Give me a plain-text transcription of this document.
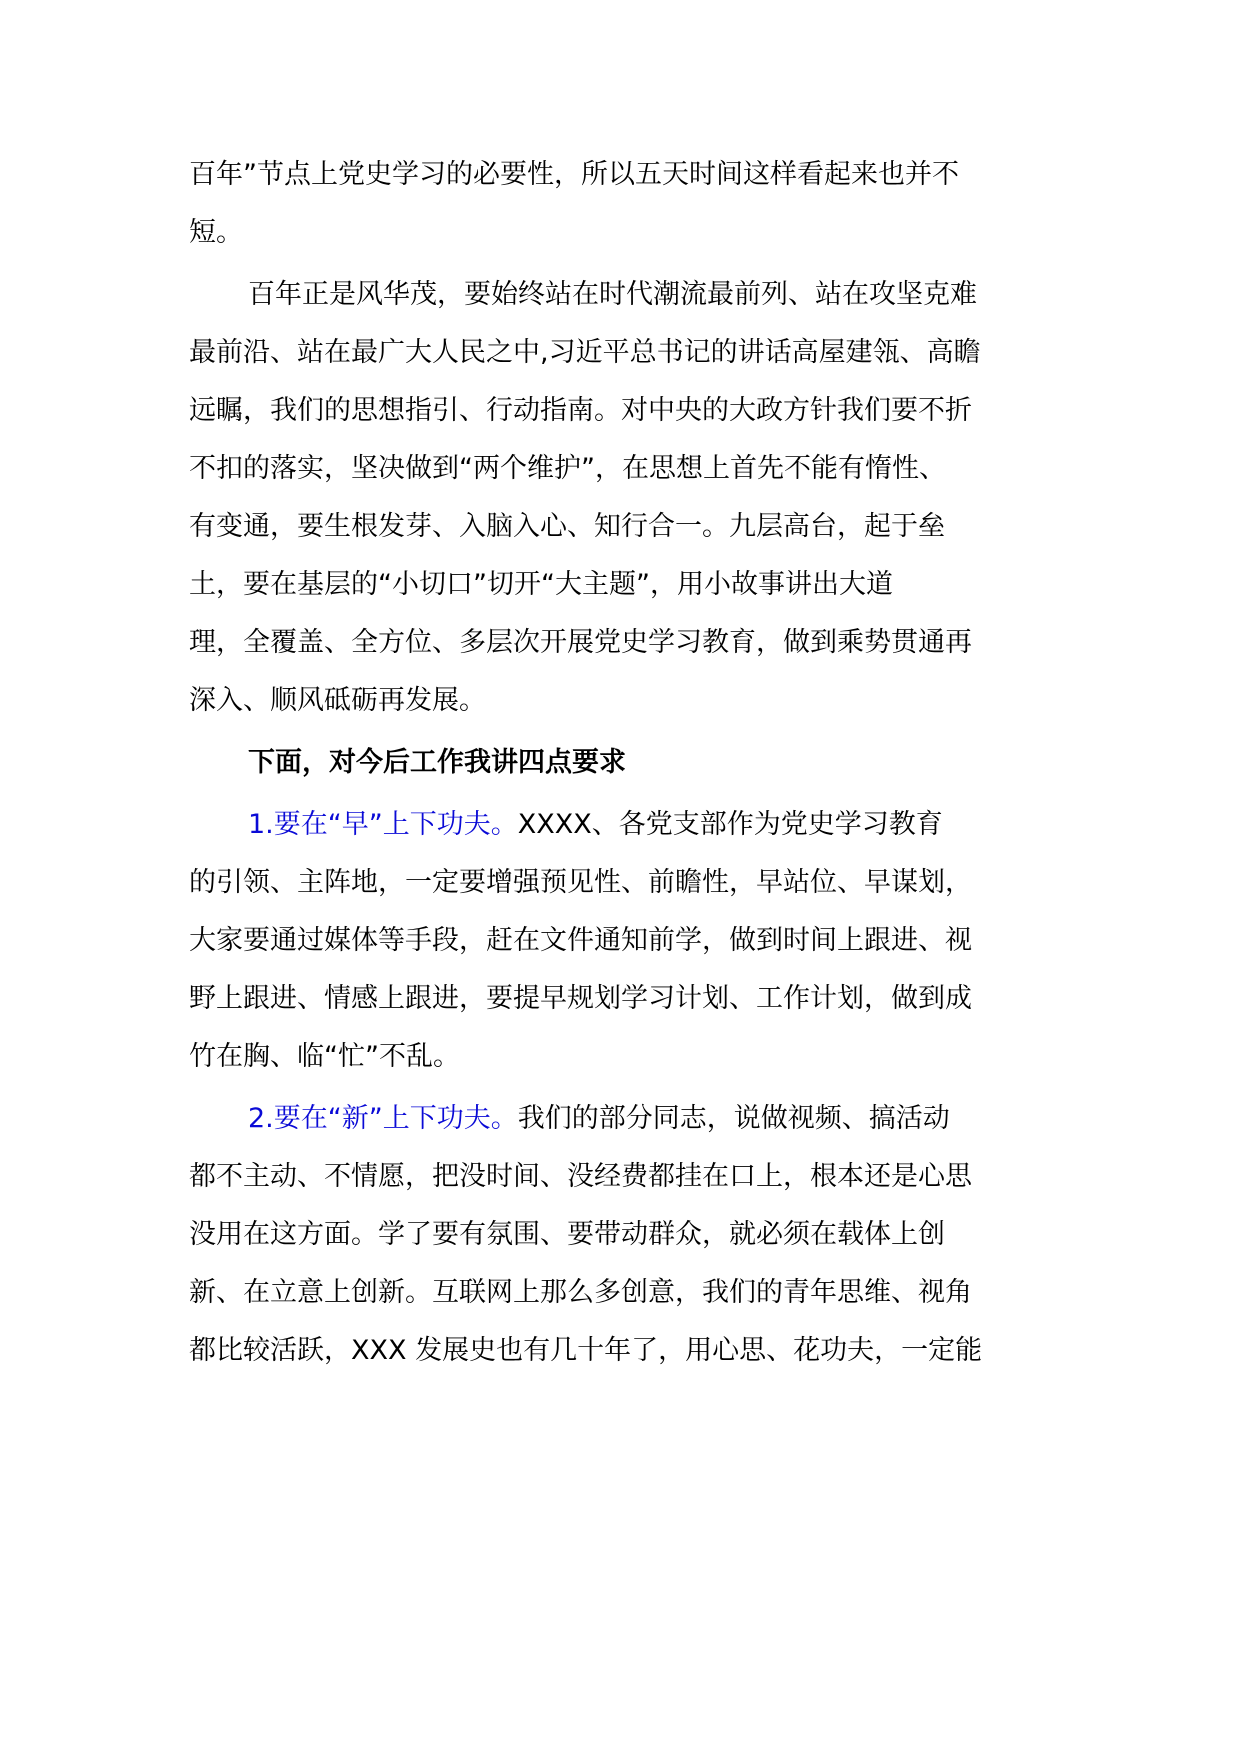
百年”节点上党史学习的必要性，所以五天时间这样看起来也并不
短。
百年正是风华茂，要始终站在时代潮流最前列、站在攻坚克难
最前沿、站在最广大人民之中,习近平总书记的讲话高屋建瓴、高瞻
远瞩，我们的思想指引、行动指南。对中央的大政方针我们要不折
不扣的落实，坚决做到“两个维护”，在思想上首先不能有惰性、
有变通，要生根发芽、入脑入心、知行合一。九层高台，起于垒
土，要在基层的“小切口”切开“大主题”，用小故事讲出大道
理，全覆盖、全方位、多层次开展党史学习教育，做到乘势贯通再
深入、顺风砥砺再发展。
下面，对今后工作我讲四点要求
1.要在“早”上下功夫。XXXX、各党支部作为党史学习教育
的引领、主阵地，一定要增强预见性、前瞻性，早站位、早谋划，
大家要通过媒体等手段，赶在文件通知前学，做到时间上跟进、视
野上跟进、情感上跟进，要提早规划学习计划、工作计划，做到成
竹在胸、临“忙”不乱。
2.要在“新”上下功夫。我们的部分同志，说做视频、搞活动
都不主动、不情愿，把没时间、没经费都挂在口上，根本还是心思
没用在这方面。学了要有氛围、要带动群众，就必须在载体上创
新、在立意上创新。互联网上那么多创意，我们的青年思维、视角
都比较活跃，XXX 发展史也有几十年了，用心思、花功夫，一定能
